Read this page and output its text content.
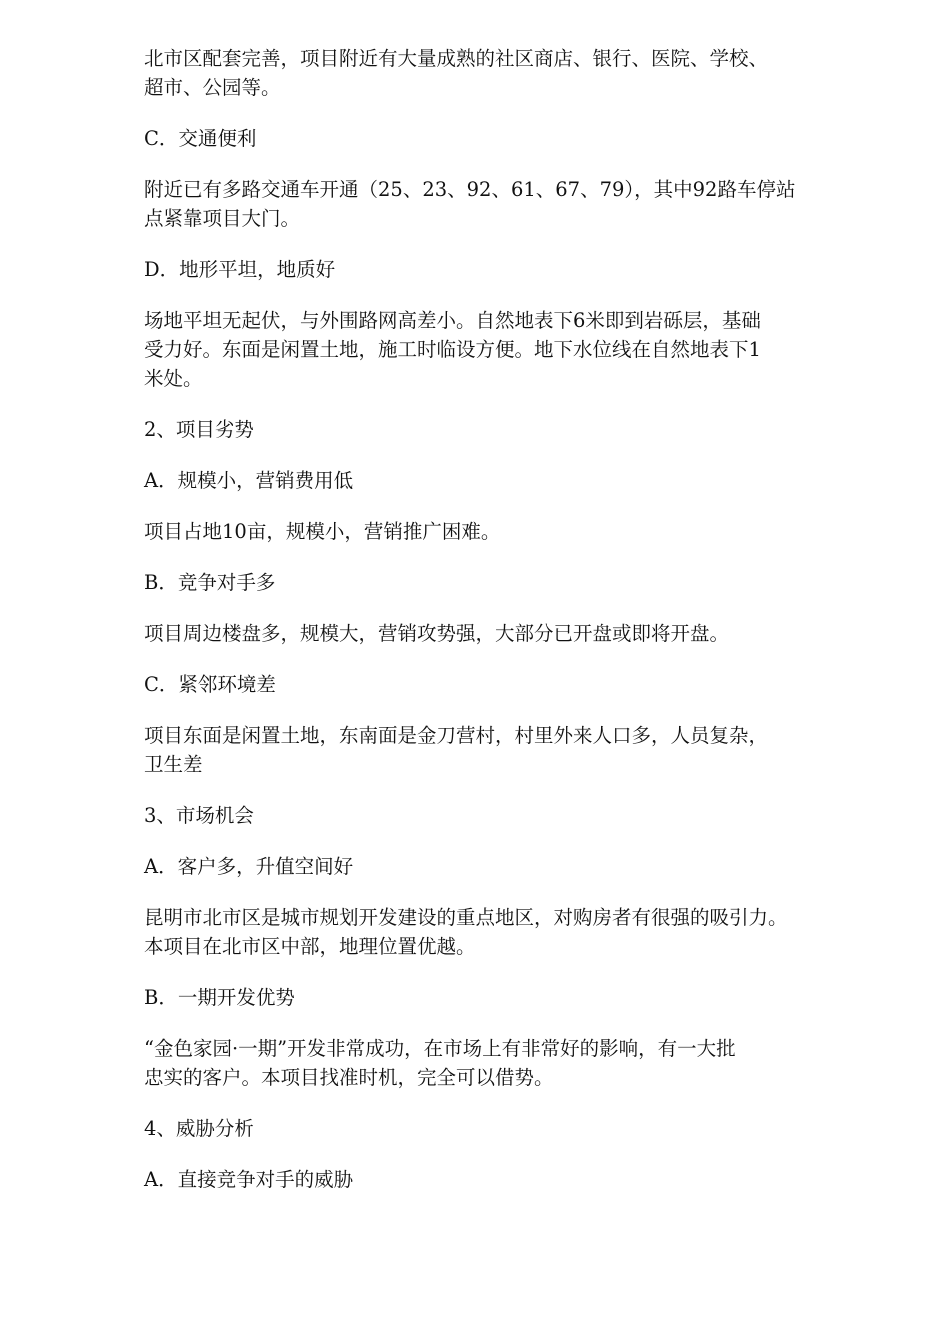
北市区配套完善，项目附近有大量成熟的社区商店、银行、医院、学校、
超市、公园等。

C．交通便利

附近已有多路交通车开通（25、23、92、61、67、79），其中92路车停站
点紧靠项目大门。

D．地形平坦，地质好

场地平坦无起伏，与外围路网高差小。自然地表下6米即到岩砾层，基础
受力好。东面是闲置土地，施工时临设方便。地下水位线在自然地表下1
米处。

2、项目劣势

A．规模小，营销费用低

项目占地10亩，规模小，营销推广困难。

B．竞争对手多

项目周边楼盘多，规模大，营销攻势强，大部分已开盘或即将开盘。

C．紧邻环境差

项目东面是闲置土地，东南面是金刀营村，村里外来人口多，人员复杂，
卫生差

3、市场机会

A．客户多，升值空间好

昆明市北市区是城市规划开发建设的重点地区，对购房者有很强的吸引力。
本项目在北市区中部，地理位置优越。

B．一期开发优势

“金色家园·一期”开发非常成功，在市场上有非常好的影响，有一大批
忠实的客户。本项目找准时机，完全可以借势。

4、威胁分析

A．直接竞争对手的威胁
